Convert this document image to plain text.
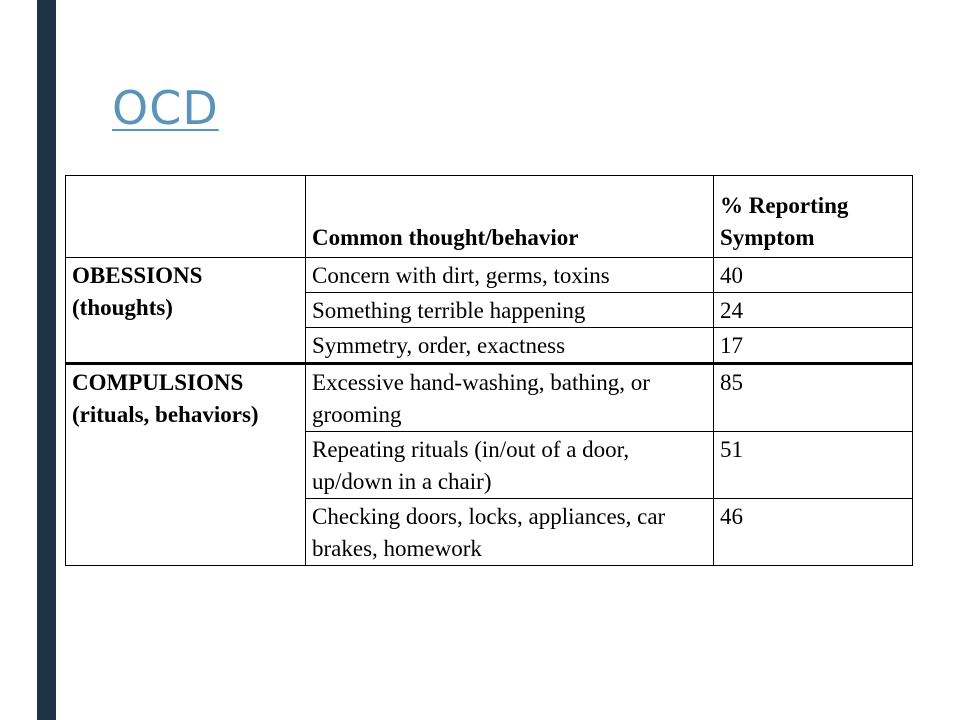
OCD
	Common thought/behavior	% Reporting Symptom
OBESSIONS (thoughts)	Concern with dirt, germs, toxins	40
	Something terrible happening	24
	Symmetry, order, exactness	17
COMPULSIONS (rituals, behaviors)	Excessive hand-washing, bathing, or grooming	85
	Repeating rituals (in/out of a door, up/down in a chair)	51
	Checking doors, locks, appliances, car brakes, homework	46
